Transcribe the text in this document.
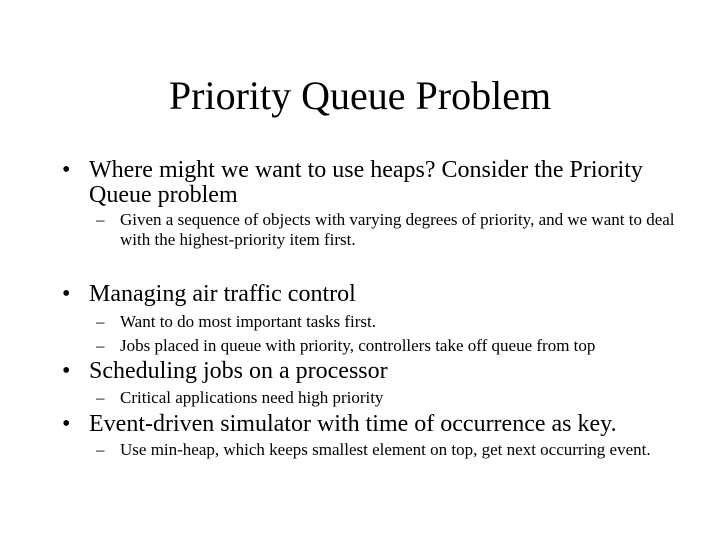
Priority Queue Problem
• Where might we want to use heaps? Consider the Priority Queue problem
– Given a sequence of objects with varying degrees of priority, and we want to deal with the highest-priority item first.
• Managing air traffic control
– Want to do most important tasks first.
– Jobs placed in queue with priority, controllers take off queue from top
• Scheduling jobs on a processor
– Critical applications need high priority
• Event-driven simulator with time of occurrence as key.
– Use min-heap, which keeps smallest element on top, get next occurring event.
